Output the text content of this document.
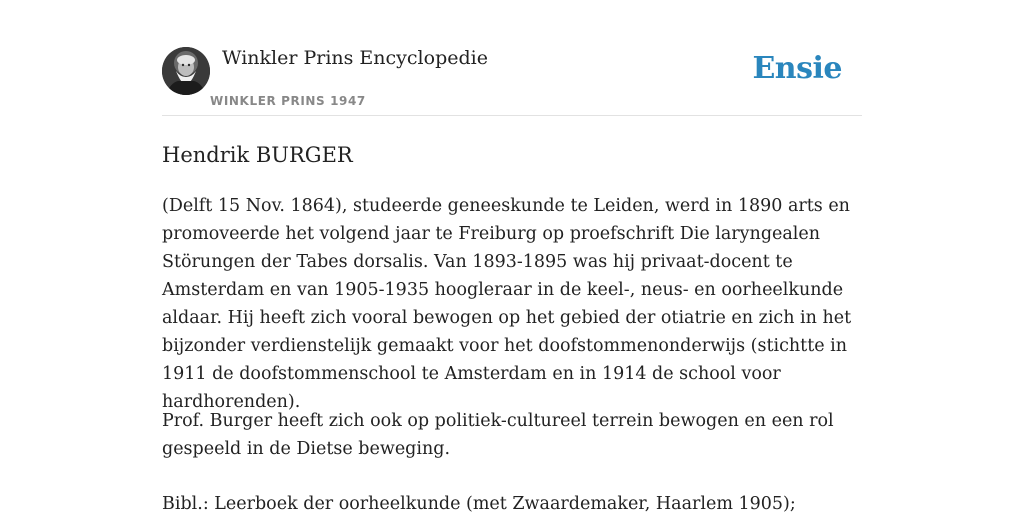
Winkler Prins Encyclopedie
WINKLER PRINS 1947
Ensie
Hendrik BURGER

(Delft 15 Nov. 1864), studeerde geneeskunde te Leiden, werd in 1890 arts en promoveerde het volgend jaar te Freiburg op proefschrift Die laryngealen Störungen der Tabes dorsalis. Van 1893-1895 was hij privaat-docent te Amsterdam en van 1905-1935 hoogleraar in de keel-, neus- en oorheelkunde aldaar. Hij heeft zich vooral bewogen op het gebied der otiatrie en zich in het bijzonder verdienstelijk gemaakt voor het doofstommenonderwijs (stichtte in 1911 de doofstommenschool te Amsterdam en in 1914 de school voor hardhorenden).

Prof. Burger heeft zich ook op politiek-cultureel terrein bewogen en een rol gespeeld in de Dietse beweging.

Bibl.: Leerboek der oorheelkunde (met Zwaardemaker, Haarlem 1905);
